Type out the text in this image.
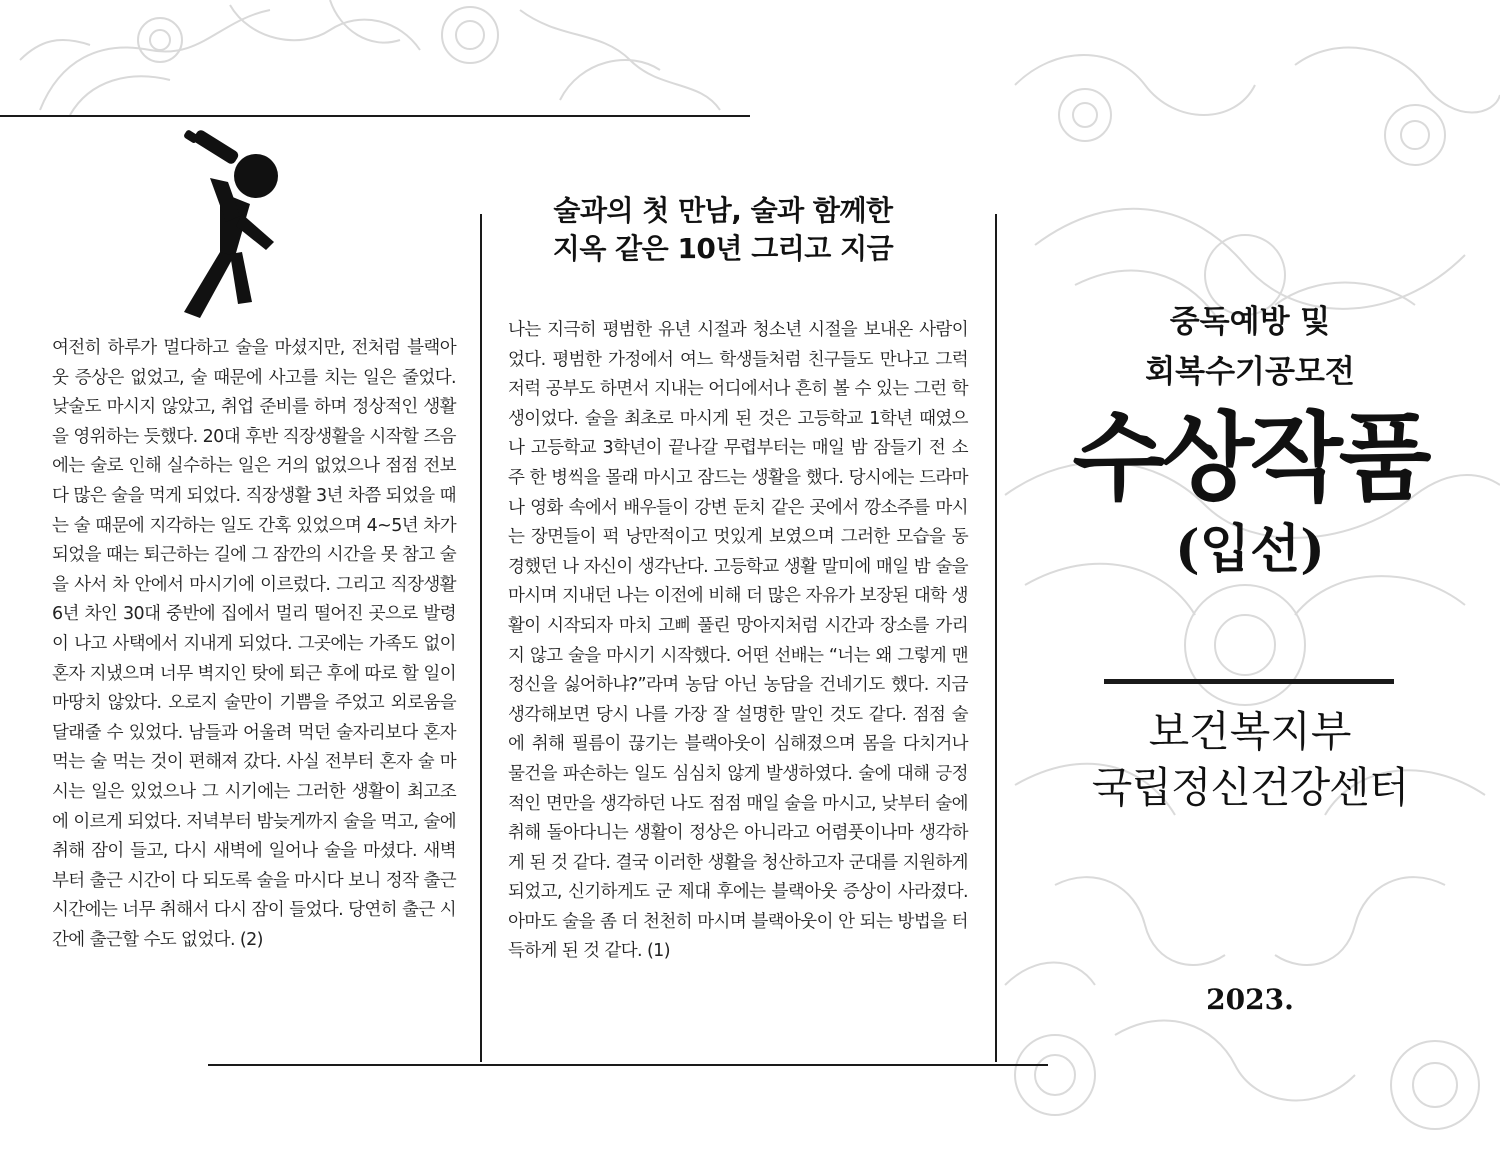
여전히 하루가 멀다하고 술을 마셨지만, 전처럼 블랙아웃 증상은 없었고, 술 때문에 사고를 치는 일은 줄었다. 낮술도 마시지 않았고, 취업 준비를 하며 정상적인 생활을 영위하는 듯했다. 20대 후반 직장생활을 시작할 즈음에는 술로 인해 실수하는 일은 거의 없었으나 점점 전보다 많은 술을 먹게 되었다. 직장생활 3년 차쯤 되었을 때는 술 때문에 지각하는 일도 간혹 있었으며 4~5년 차가 되었을 때는 퇴근하는 길에 그 잠깐의 시간을 못 참고 술을 사서 차 안에서 마시기에 이르렀다. 그리고 직장생활 6년 차인 30대 중반에 집에서 멀리 떨어진 곳으로 발령이 나고 사택에서 지내게 되었다. 그곳에는 가족도 없이 혼자 지냈으며 너무 벽지인 탓에 퇴근 후에 따로 할 일이 마땅치 않았다. 오로지 술만이 기쁨을 주었고 외로움을 달래줄 수 있었다. 남들과 어울려 먹던 술자리보다 혼자 먹는 술 먹는 것이 편해져 갔다. 사실 전부터 혼자 술 마시는 일은 있었으나 그 시기에는 그러한 생활이 최고조에 이르게 되었다. 저녁부터 밤늦게까지 술을 먹고, 술에 취해 잠이 들고, 다시 새벽에 일어나 술을 마셨다. 새벽부터 출근 시간이 다 되도록 술을 마시다 보니 정작 출근 시간에는 너무 취해서 다시 잠이 들었다. 당연히 출근 시간에 출근할 수도 없었다. (2)

술과의 첫 만남, 술과 함께한
지옥 같은 10년 그리고 지금

나는 지극히 평범한 유년 시절과 청소년 시절을 보내온 사람이었다. 평범한 가정에서 여느 학생들처럼 친구들도 만나고 그럭저럭 공부도 하면서 지내는 어디에서나 흔히 볼 수 있는 그런 학생이었다. 술을 최초로 마시게 된 것은 고등학교 1학년 때였으나 고등학교 3학년이 끝나갈 무렵부터는 매일 밤 잠들기 전 소주 한 병씩을 몰래 마시고 잠드는 생활을 했다. 당시에는 드라마나 영화 속에서 배우들이 강변 둔치 같은 곳에서 깡소주를 마시는 장면들이 퍽 낭만적이고 멋있게 보였으며 그러한 모습을 동경했던 나 자신이 생각난다. 고등학교 생활 말미에 매일 밤 술을 마시며 지내던 나는 이전에 비해 더 많은 자유가 보장된 대학 생활이 시작되자 마치 고삐 풀린 망아지처럼 시간과 장소를 가리지 않고 술을 마시기 시작했다. 어떤 선배는 “너는 왜 그렇게 맨정신을 싫어하냐?”라며 농담 아닌 농담을 건네기도 했다. 지금 생각해보면 당시 나를 가장 잘 설명한 말인 것도 같다. 점점 술에 취해 필름이 끊기는 블랙아웃이 심해졌으며 몸을 다치거나 물건을 파손하는 일도 심심치 않게 발생하였다. 술에 대해 긍정적인 면만을 생각하던 나도 점점 매일 술을 마시고, 낮부터 술에 취해 돌아다니는 생활이 정상은 아니라고 어렴풋이나마 생각하게 된 것 같다. 결국 이러한 생활을 청산하고자 군대를 지원하게 되었고, 신기하게도 군 제대 후에는 블랙아웃 증상이 사라졌다. 아마도 술을 좀 더 천천히 마시며 블랙아웃이 안 되는 방법을 터득하게 된 것 같다. (1)

중독예방 및

회복수기공모전

수상작품

(입선)

보건복지부

국립정신건강센터

2023.
